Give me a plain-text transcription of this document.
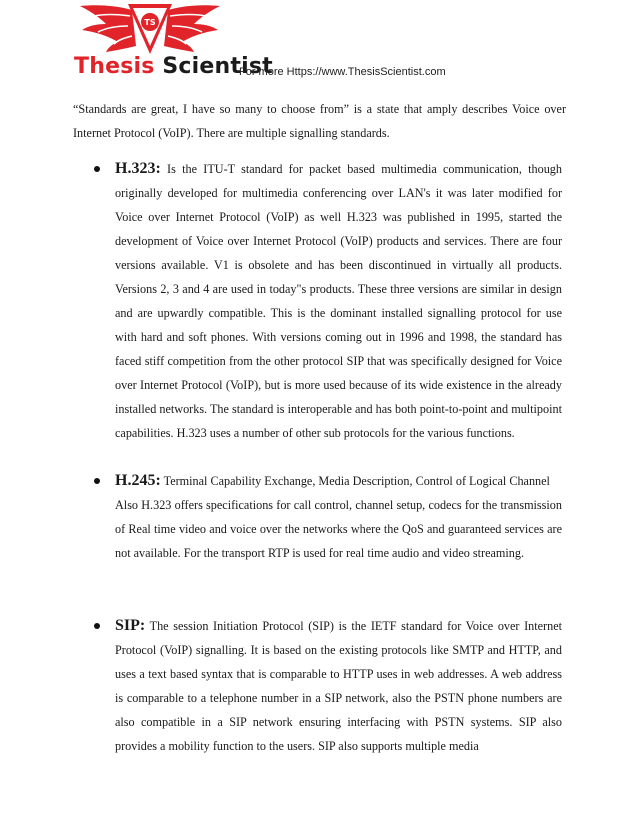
TS
Thesis Scientist
For more Https://www.ThesisScientist.com

“Standards are great, I have so many to choose from” is a state that amply describes Voice over Internet Protocol (VoIP). There are multiple signalling standards.

H.323: Is the ITU-T standard for packet based multimedia communication, though originally developed for multimedia conferencing over LAN's it was later modified for Voice over Internet Protocol (VoIP) as well H.323 was published in 1995, started the development of Voice over Internet Protocol (VoIP) products and services. There are four versions available. V1 is obsolete and has been discontinued in virtually all products. Versions 2, 3 and 4 are used in today"s products. These three versions are similar in design and are upwardly compatible. This is the dominant installed signalling protocol for use with hard and soft phones. With versions coming out in 1996 and 1998, the standard has faced stiff competition from the other protocol SIP that was specifically designed for Voice over Internet Protocol (VoIP), but is more used because of its wide existence in the already installed networks. The standard is interoperable and has both point-to-point and multipoint capabilities. H.323 uses a number of other sub protocols for the various functions.

H.245: Terminal Capability Exchange, Media Description, Control of Logical Channel

Also H.323 offers specifications for call control, channel setup, codecs for the transmission of Real time video and voice over the networks where the QoS and guaranteed services are not available. For the transport RTP is used for real time audio and video streaming.

SIP: The session Initiation Protocol (SIP) is the IETF standard for Voice over Internet Protocol (VoIP) signalling. It is based on the existing protocols like SMTP and HTTP, and uses a text based syntax that is comparable to HTTP uses in web addresses. A web address is comparable to a telephone number in a SIP network, also the PSTN phone numbers are also compatible in a SIP network ensuring interfacing with PSTN systems. SIP also provides a mobility function to the users. SIP also supports multiple media
